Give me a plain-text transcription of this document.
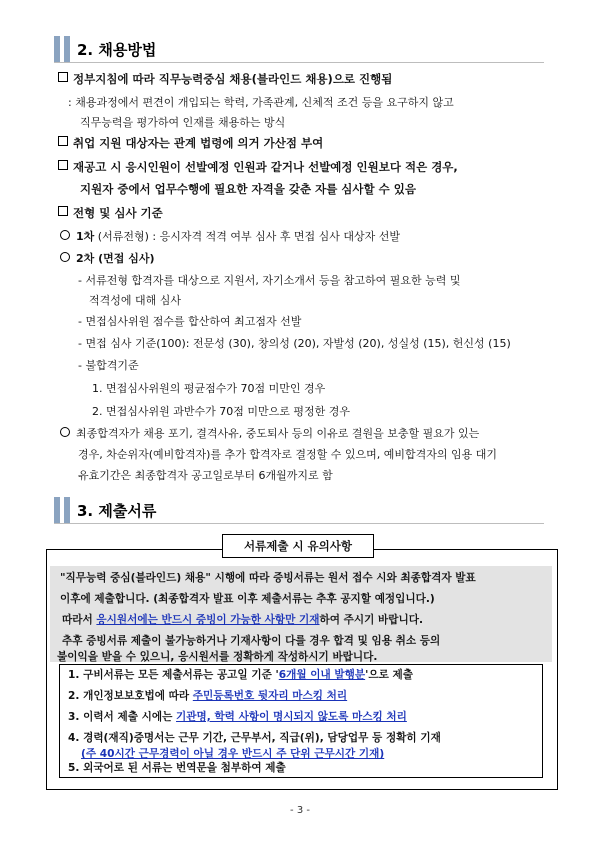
2. 채용방법
정부지침에 따라 직무능력중심 채용(블라인드 채용)으로 진행됨
: 채용과정에서 편견이 개입되는 학력, 가족관계, 신체적 조건 등을 요구하지 않고
직무능력을 평가하여 인재를 채용하는 방식
취업 지원 대상자는 관계 법령에 의거 가산점 부여
재공고 시 응시인원이 선발예정 인원과 같거나 선발예정 인원보다 적은 경우,
지원자 중에서 업무수행에 필요한 자격을 갖춘 자를 심사할 수 있음
전형 및 심사 기준
1차 (서류전형) : 응시자격 적격 여부 심사 후 면접 심사 대상자 선발
2차 (면접 심사)
- 서류전형 합격자를 대상으로 지원서, 자기소개서 등을 참고하여 필요한 능력 및
적격성에 대해 심사
- 면접심사위원 점수를 합산하여 최고점자 선발
- 면접 심사 기준(100): 전문성 (30), 창의성 (20), 자발성 (20), 성실성 (15), 헌신성 (15)
- 불합격기준
1. 면접심사위원의 평균점수가 70점 미만인 경우
2. 면접심사위원 과반수가 70점 미만으로 평정한 경우
최종합격자가 채용 포기, 결격사유, 중도퇴사 등의 이유로 결원을 보충할 필요가 있는
경우, 차순위자(예비합격자)를 추가 합격자로 결정할 수 있으며, 예비합격자의 임용 대기
유효기간은 최종합격자 공고일로부터 6개월까지로 함
3. 제출서류
서류제출 시 유의사항
"직무능력 중심(블라인드) 채용" 시행에 따라 증빙서류는 원서 접수 시와 최종합격자 발표
이후에 제출합니다. (최종합격자 발표 이후 제출서류는 추후 공지할 예정입니다.)
따라서 응시원서에는 반드시 증빙이 가능한 사항만 기재하여 주시기 바랍니다.
추후 증빙서류 제출이 불가능하거나 기재사항이 다를 경우 합격 및 임용 취소 등의
불이익을 받을 수 있으니, 응시원서를 정확하게 작성하시기 바랍니다.
1. 구비서류는 모든 제출서류는 공고일 기준 '6개월 이내 발행분'으로 제출
2. 개인정보보호법에 따라 주민등록번호 뒷자리 마스킹 처리
3. 이력서 제출 시에는 기관명, 학력 사항이 명시되지 않도록 마스킹 처리
4. 경력(재직)증명서는 근무 기간, 근무부서, 직급(위), 담당업무 등 정확히 기재
(주 40시간 근무경력이 아닐 경우 반드시 주 단위 근무시간 기재)
5. 외국어로 된 서류는 번역문을 첨부하여 제출
- 3 -
